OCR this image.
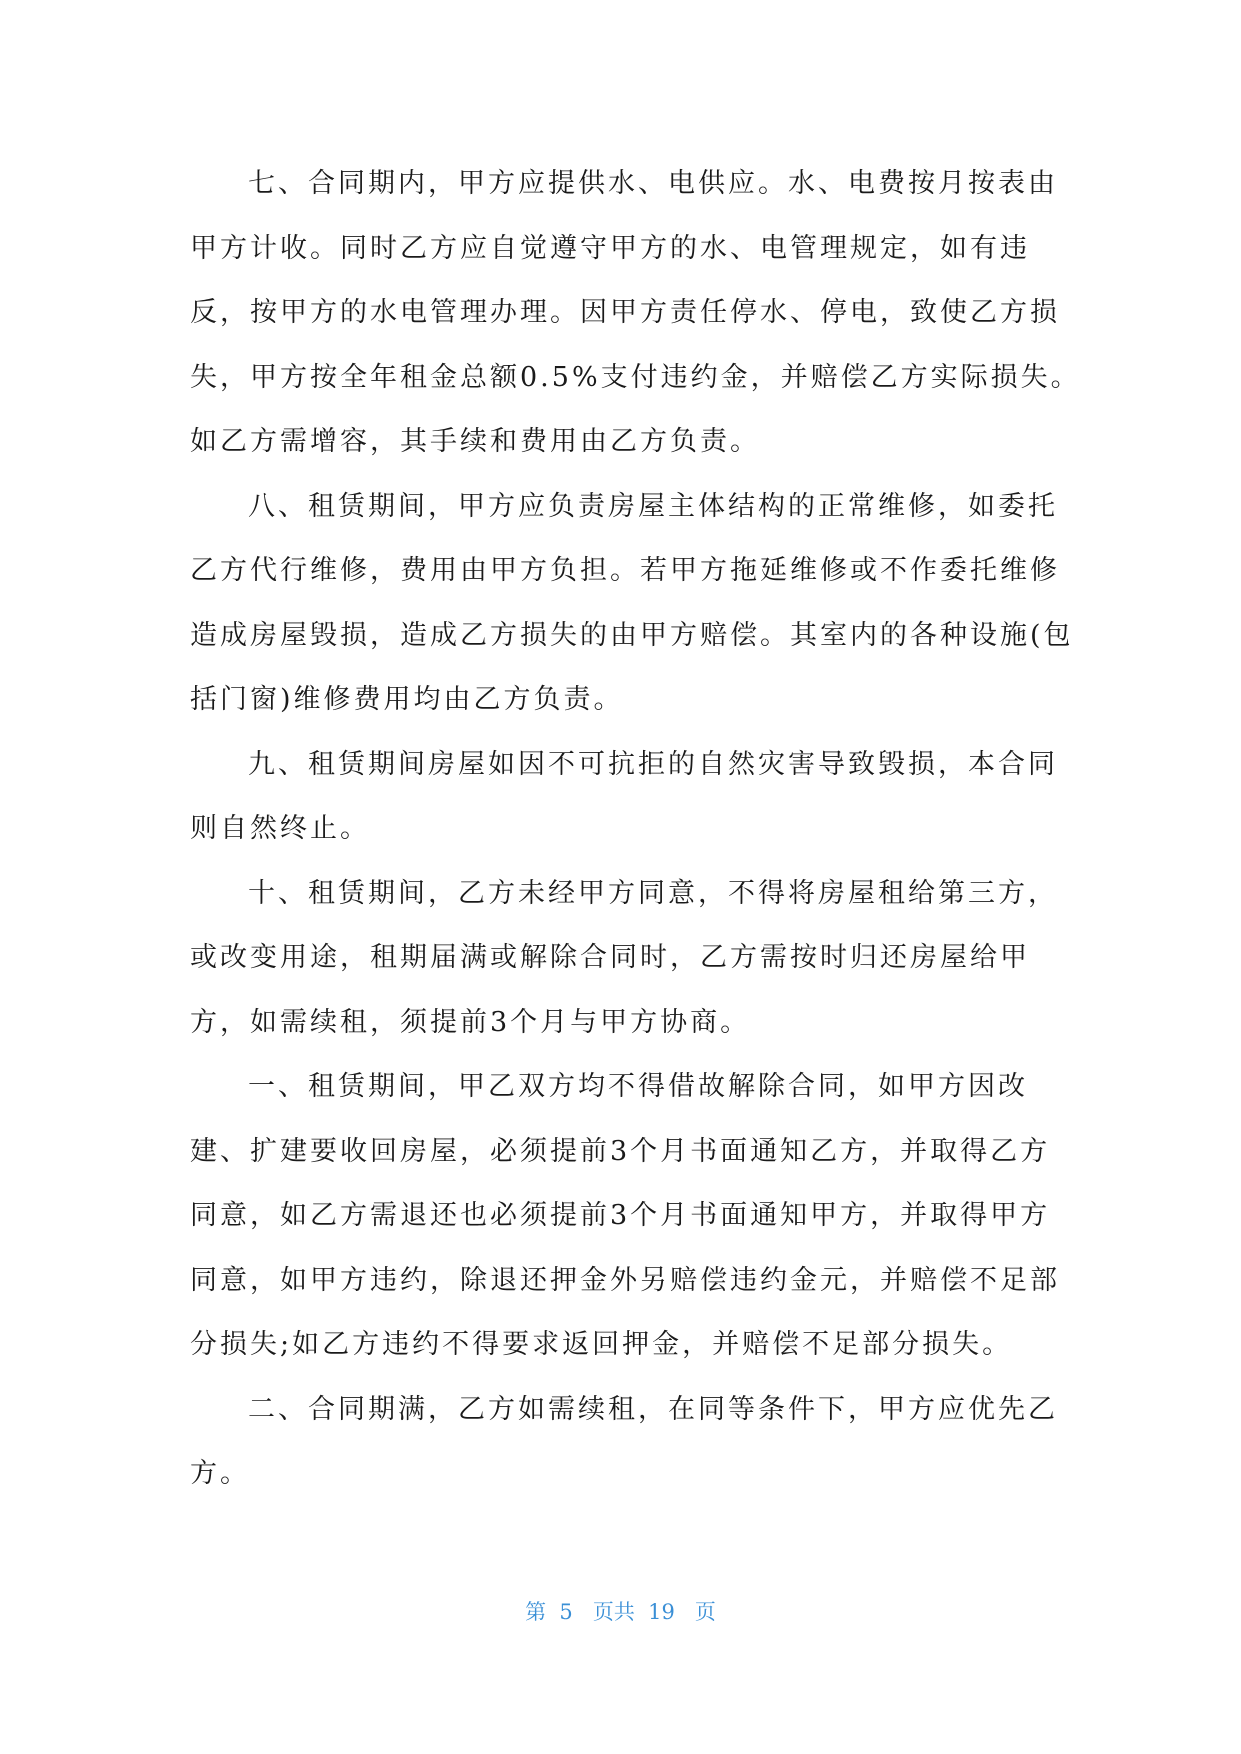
七、合同期内，甲方应提供水、电供应。水、电费按月按表由
甲方计收。同时乙方应自觉遵守甲方的水、电管理规定，如有违
反，按甲方的水电管理办理。因甲方责任停水、停电，致使乙方损
失，甲方按全年租金总额0.5%支付违约金，并赔偿乙方实际损失。
如乙方需增容，其手续和费用由乙方负责。
八、租赁期间，甲方应负责房屋主体结构的正常维修，如委托
乙方代行维修，费用由甲方负担。若甲方拖延维修或不作委托维修
造成房屋毁损，造成乙方损失的由甲方赔偿。其室内的各种设施(包
括门窗)维修费用均由乙方负责。
九、租赁期间房屋如因不可抗拒的自然灾害导致毁损，本合同
则自然终止。
十、租赁期间，乙方未经甲方同意，不得将房屋租给第三方，
或改变用途，租期届满或解除合同时，乙方需按时归还房屋给甲
方，如需续租，须提前3个月与甲方协商。
一、租赁期间，甲乙双方均不得借故解除合同，如甲方因改
建、扩建要收回房屋，必须提前3个月书面通知乙方，并取得乙方
同意，如乙方需退还也必须提前3个月书面通知甲方，并取得甲方
同意，如甲方违约，除退还押金外另赔偿违约金元，并赔偿不足部
分损失;如乙方违约不得要求返回押金，并赔偿不足部分损失。
二、合同期满，乙方如需续租，在同等条件下，甲方应优先乙
方。
第  5   页共  19   页
